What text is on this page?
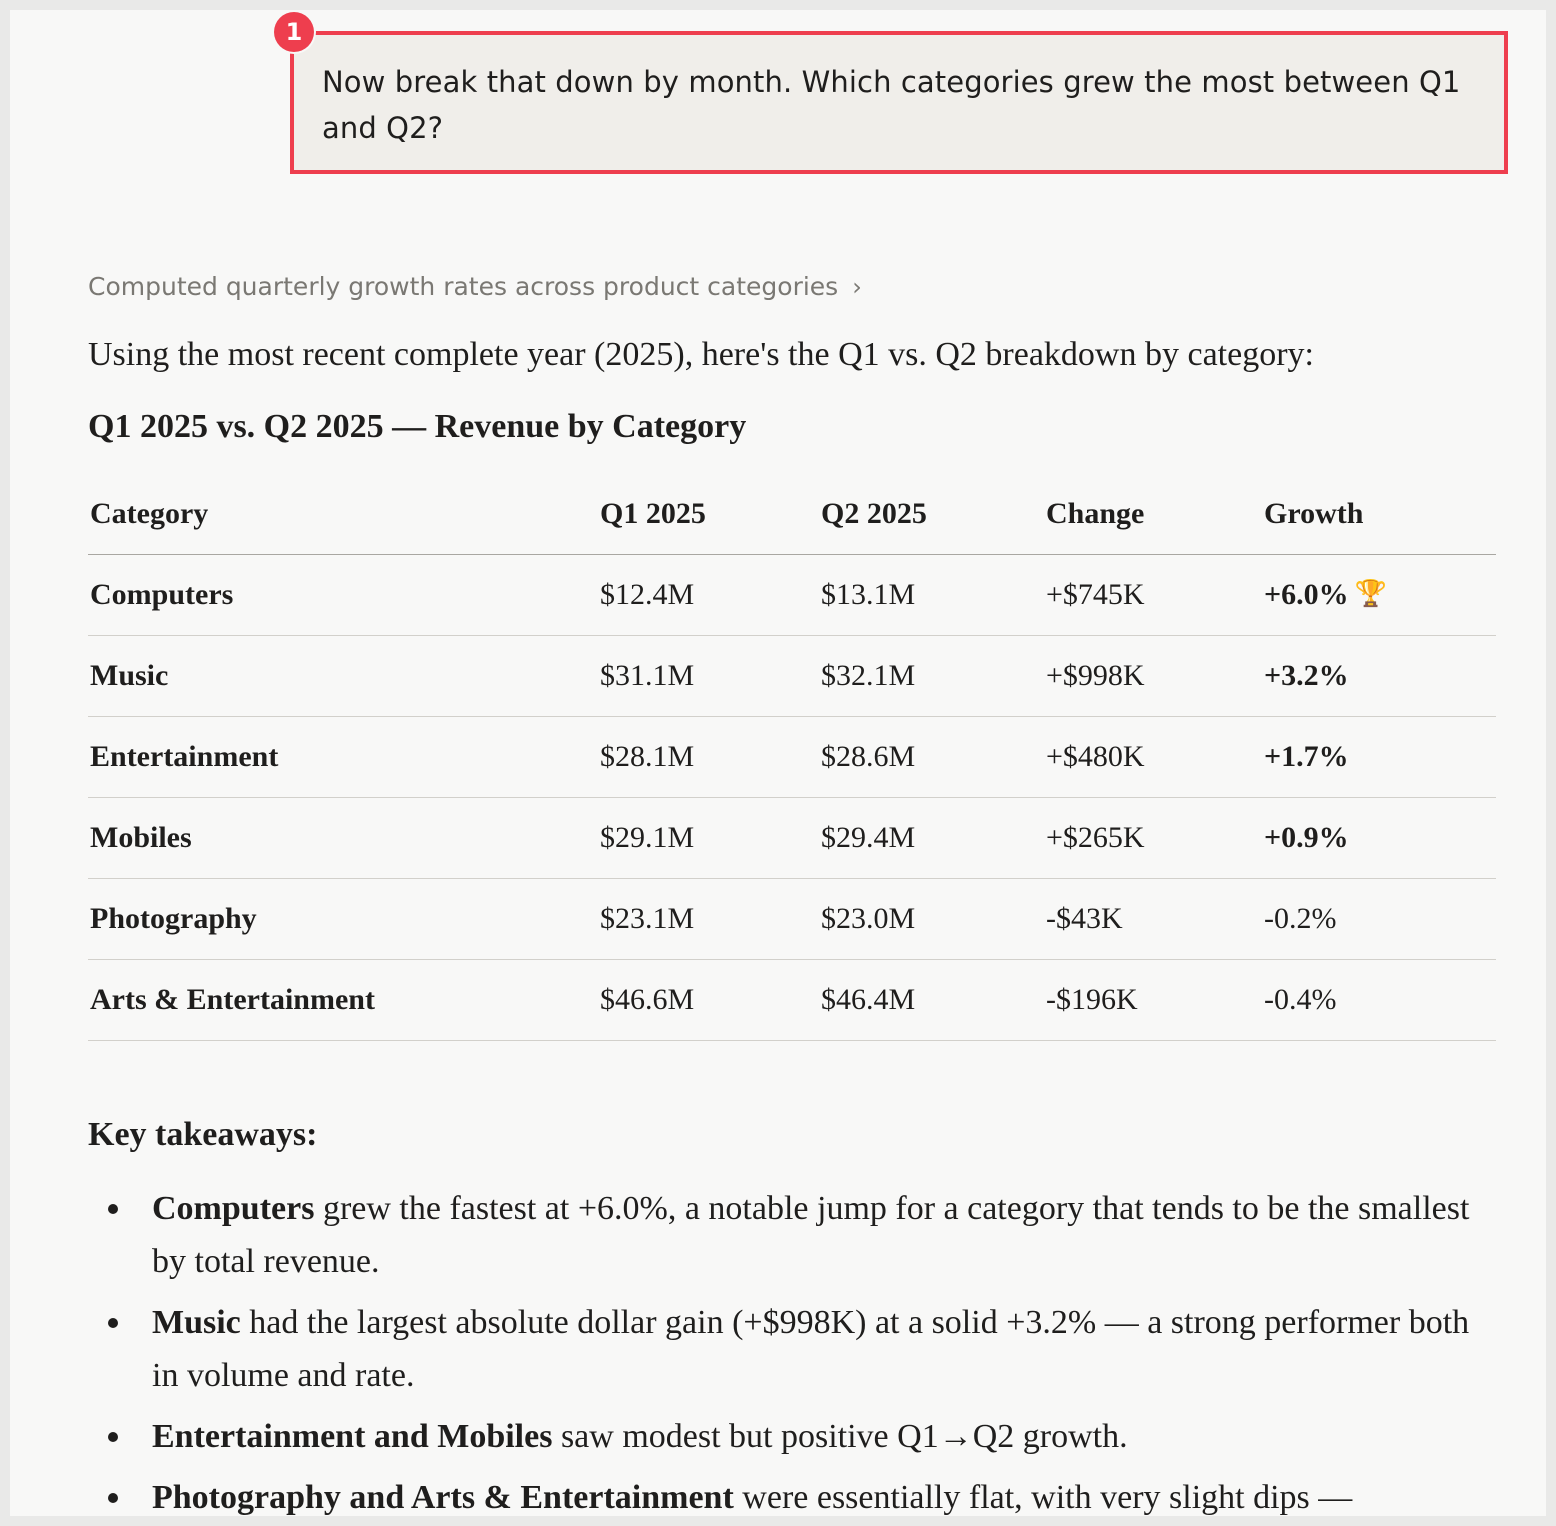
Now break that down by month. Which categories grew the most between Q1 and Q2?
1
Computed quarterly growth rates across product categories ›
Using the most recent complete year (2025), here's the Q1 vs. Q2 breakdown by category:
Q1 2025 vs. Q2 2025 — Revenue by Category
Category	Q1 2025	Q2 2025	Change	Growth
Computers	$12.4M	$13.1M	+$745K	+6.0% 🏆
Music	$31.1M	$32.1M	+$998K	+3.2%
Entertainment	$28.1M	$28.6M	+$480K	+1.7%
Mobiles	$29.1M	$29.4M	+$265K	+0.9%
Photography	$23.1M	$23.0M	-$43K	-0.2%
Arts & Entertainment	$46.6M	$46.4M	-$196K	-0.4%
Key takeaways:
Computers grew the fastest at +6.0%, a notable jump for a category that tends to be the smallest by total revenue.
Music had the largest absolute dollar gain (+$998K) at a solid +3.2% — a strong performer both in volume and rate.
Entertainment and Mobiles saw modest but positive Q1→Q2 growth.
Photography and Arts & Entertainment were essentially flat, with very slight dips —
